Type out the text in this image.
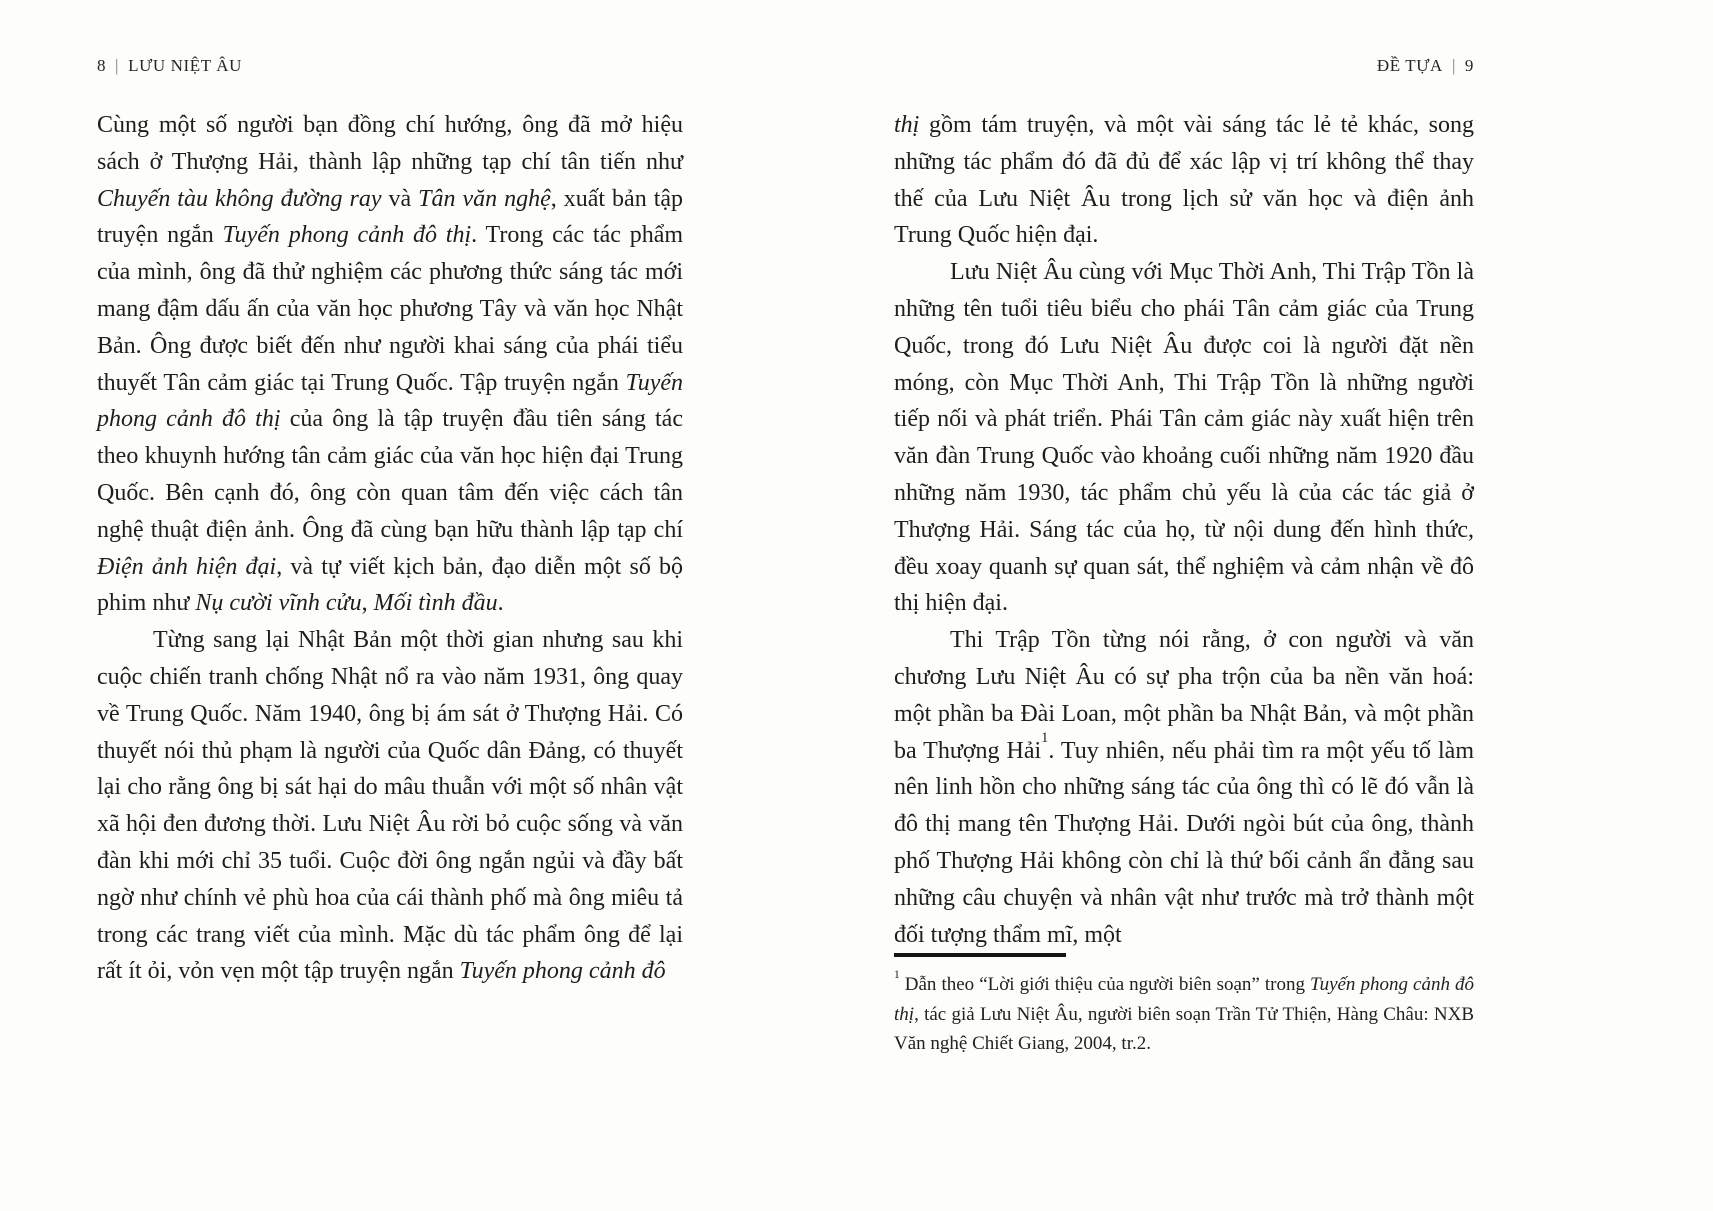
8 | LƯU NIỆT ÂU

Cùng một số người bạn đồng chí hướng, ông đã mở hiệu sách ở Thượng Hải, thành lập những tạp chí tân tiến như Chuyến tàu không đường ray và Tân văn nghệ, xuất bản tập truyện ngắn Tuyến phong cảnh đô thị. Trong các tác phẩm của mình, ông đã thử nghiệm các phương thức sáng tác mới mang đậm dấu ấn của văn học phương Tây và văn học Nhật Bản. Ông được biết đến như người khai sáng của phái tiểu thuyết Tân cảm giác tại Trung Quốc. Tập truyện ngắn Tuyến phong cảnh đô thị của ông là tập truyện đầu tiên sáng tác theo khuynh hướng tân cảm giác của văn học hiện đại Trung Quốc. Bên cạnh đó, ông còn quan tâm đến việc cách tân nghệ thuật điện ảnh. Ông đã cùng bạn hữu thành lập tạp chí Điện ảnh hiện đại, và tự viết kịch bản, đạo diễn một số bộ phim như Nụ cười vĩnh cửu, Mối tình đầu.

Từng sang lại Nhật Bản một thời gian nhưng sau khi cuộc chiến tranh chống Nhật nổ ra vào năm 1931, ông quay về Trung Quốc. Năm 1940, ông bị ám sát ở Thượng Hải. Có thuyết nói thủ phạm là người của Quốc dân Đảng, có thuyết lại cho rằng ông bị sát hại do mâu thuẫn với một số nhân vật xã hội đen đương thời. Lưu Niệt Âu rời bỏ cuộc sống và văn đàn khi mới chỉ 35 tuổi. Cuộc đời ông ngắn ngủi và đầy bất ngờ như chính vẻ phù hoa của cái thành phố mà ông miêu tả trong các trang viết của mình. Mặc dù tác phẩm ông để lại rất ít ỏi, vỏn vẹn một tập truyện ngắn Tuyến phong cảnh đô

ĐỀ TỰA | 9

thị gồm tám truyện, và một vài sáng tác lẻ tẻ khác, song những tác phẩm đó đã đủ để xác lập vị trí không thể thay thế của Lưu Niệt Âu trong lịch sử văn học và điện ảnh Trung Quốc hiện đại.

Lưu Niệt Âu cùng với Mục Thời Anh, Thi Trập Tồn là những tên tuổi tiêu biểu cho phái Tân cảm giác của Trung Quốc, trong đó Lưu Niệt Âu được coi là người đặt nền móng, còn Mục Thời Anh, Thi Trập Tồn là những người tiếp nối và phát triển. Phái Tân cảm giác này xuất hiện trên văn đàn Trung Quốc vào khoảng cuối những năm 1920 đầu những năm 1930, tác phẩm chủ yếu là của các tác giả ở Thượng Hải. Sáng tác của họ, từ nội dung đến hình thức, đều xoay quanh sự quan sát, thể nghiệm và cảm nhận về đô thị hiện đại.

Thi Trập Tồn từng nói rằng, ở con người và văn chương Lưu Niệt Âu có sự pha trộn của ba nền văn hoá: một phần ba Đài Loan, một phần ba Nhật Bản, và một phần ba Thượng Hải$^1$. Tuy nhiên, nếu phải tìm ra một yếu tố làm nên linh hồn cho những sáng tác của ông thì có lẽ đó vẫn là đô thị mang tên Thượng Hải. Dưới ngòi bút của ông, thành phố Thượng Hải không còn chỉ là thứ bối cảnh ẩn đằng sau những câu chuyện và nhân vật như trước mà trở thành một đối tượng thẩm mĩ, một

$^1$ Dẫn theo “Lời giới thiệu của người biên soạn” trong Tuyến phong cảnh đô thị, tác giả Lưu Niệt Âu, người biên soạn Trần Tử Thiện, Hàng Châu: NXB Văn nghệ Chiết Giang, 2004, tr.2.
